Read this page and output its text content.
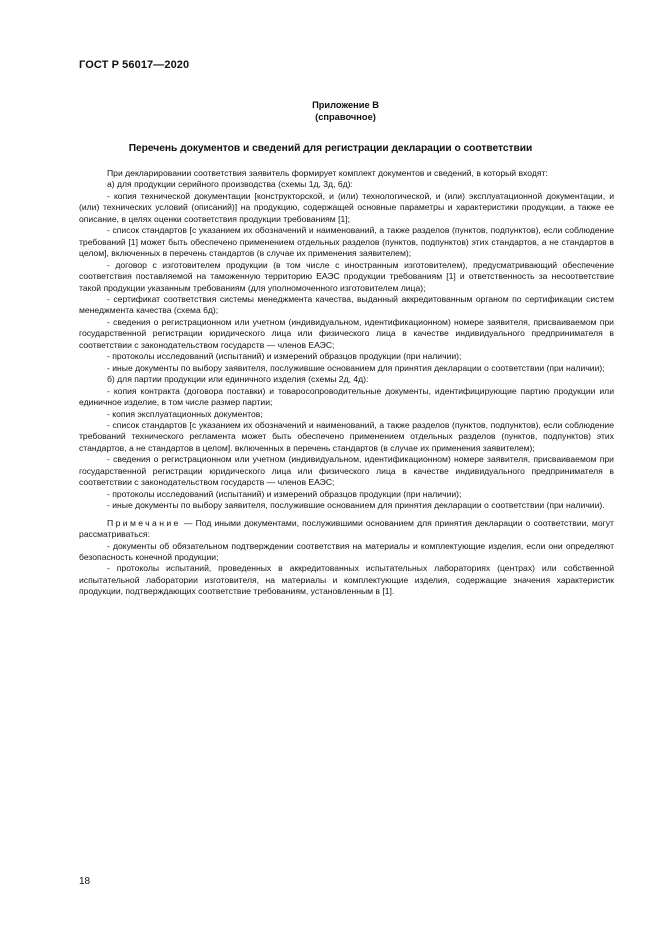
ГОСТ Р 56017—2020
Приложение В
(справочное)
Перечень документов и сведений для регистрации декларации о соответствии

При декларировании соответствия заявитель формирует комплект документов и сведений, в который входят:

а) для продукции серийного производства (схемы 1д, 3д, 6д):

- копия технической документации [конструкторской, и (или) технологической, и (или) эксплуатационной документации, и (или) технических условий (описаний)] на продукцию, содержащей основные параметры и характеристики продукции, а также ее описание, в целях оценки соответствия продукции требованиям [1];

- список стандартов [с указанием их обозначений и наименований, а также разделов (пунктов, подпунктов), если соблюдение требований [1] может быть обеспечено применением отдельных разделов (пунктов, подпунктов) этих стандартов, а не стандартов в целом], включенных в перечень стандартов (в случае их применения заявителем);

- договор с изготовителем продукции (в том числе с иностранным изготовителем), предусматривающий обеспечение соответствия поставляемой на таможенную территорию ЕАЭС продукции требованиям [1] и ответственность за несоответствие такой продукции указанным требованиям (для уполномоченного изготовителем лица);

- сертификат соответствия системы менеджмента качества, выданный аккредитованным органом по сертификации систем менеджмента качества (схема 6д);

- сведения о регистрационном или учетном (индивидуальном, идентификационном) номере заявителя, присваиваемом при государственной регистрации юридического лица или физического лица в качестве индивидуального предпринимателя в соответствии с законодательством государств — членов ЕАЭС;

- протоколы исследований (испытаний) и измерений образцов продукции (при наличии);

- иные документы по выбору заявителя, послужившие основанием для принятия декларации о соответствии (при наличии);

б) для партии продукции или единичного изделия (схемы 2д, 4д):

- копия контракта (договора поставки) и товаросопроводительные документы, идентифицирующие партию продукции или единичное изделие, в том числе размер партии;

- копия эксплуатационных документов;

- список стандартов [с указанием их обозначений и наименований, а также разделов (пунктов, подпунктов), если соблюдение требований технического регламента может быть обеспечено применением отдельных разделов (пунктов, подпунктов) этих стандартов, а не стандартов в целом]. включенных в перечень стандартов (в случае их применения заявителем);

- сведения о регистрационном или учетном (индивидуальном, идентификационном) номере заявителя, присваиваемом при государственной регистрации юридического лица или физического лица в качестве индивидуального предпринимателя в соответствии с законодательством государств — членов ЕАЭС;

- протоколы исследований (испытаний) и измерений образцов продукции (при наличии);

- иные документы по выбору заявителя, послужившие основанием для принятия декларации о соответствии (при наличии).

Примечание — Под иными документами, послужившими основанием для принятия декларации о соответствии, могут рассматриваться:

- документы об обязательном подтверждении соответствия на материалы и комплектующие изделия, если они определяют безопасность конечной продукции;

- протоколы испытаний, проведенных в аккредитованных испытательных лабораториях (центрах) или собственной испытательной лаборатории изготовителя, на материалы и комплектующие изделия, содержащие значения характеристик продукции, подтверждающих соответствие требованиям, установленным в [1].

18
